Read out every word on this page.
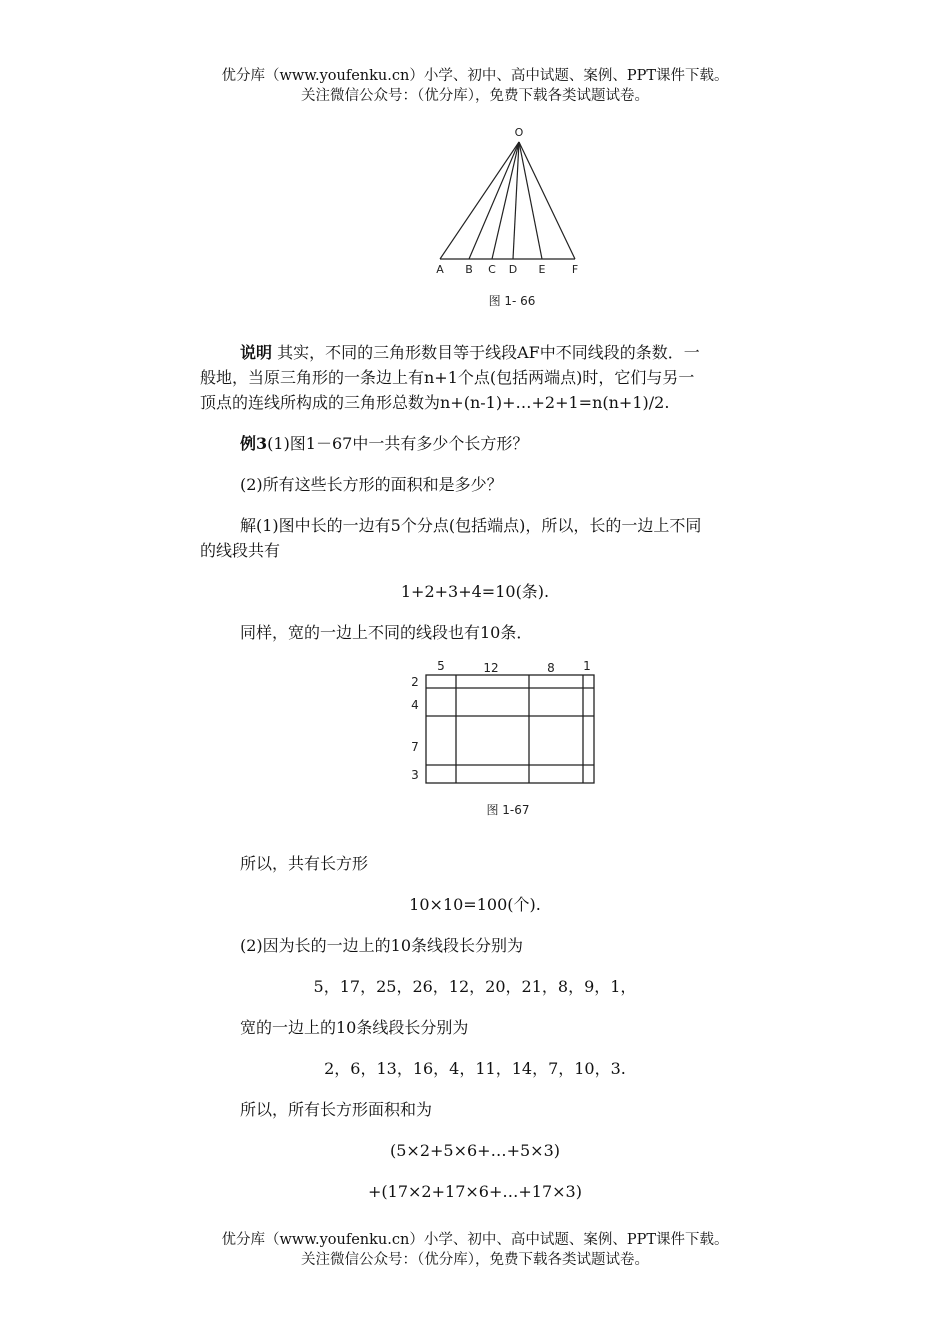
优分库（www.youfenku.cn）小学、初中、高中试题、案例、PPT课件下载。
关注微信公众号：（优分库），免费下载各类试题试卷。
O
A B C D E F
图 1- 66
说明 其实，不同的三角形数目等于线段AF中不同线段的条数．一
般地，当原三角形的一条边上有n+1个点(包括两端点)时，它们与另一
顶点的连线所构成的三角形总数为n+(n-1)+…+2+1=n(n+1)/2.
例3(1)图1－67中一共有多少个长方形？
(2)所有这些长方形的面积和是多少？
解(1)图中长的一边有5个分点(包括端点)，所以，长的一边上不同
的线段共有
1+2+3+4=10(条).
同样，宽的一边上不同的线段也有10条．
5	12	8 1
2
4
7
3
图 1-67
所以，共有长方形
10×10=100(个).
(2)因为长的一边上的10条线段长分别为
5，17，25，26，12，20，21，8，9，1，
宽的一边上的10条线段长分别为
2，6，13，16，4，11，14，7，10，3.
所以，所有长方形面积和为
(5×2+5×6+…+5×3)
+(17×2+17×6+…+17×3)
优分库（www.youfenku.cn）小学、初中、高中试题、案例、PPT课件下载。
关注微信公众号：（优分库），免费下载各类试题试卷。
